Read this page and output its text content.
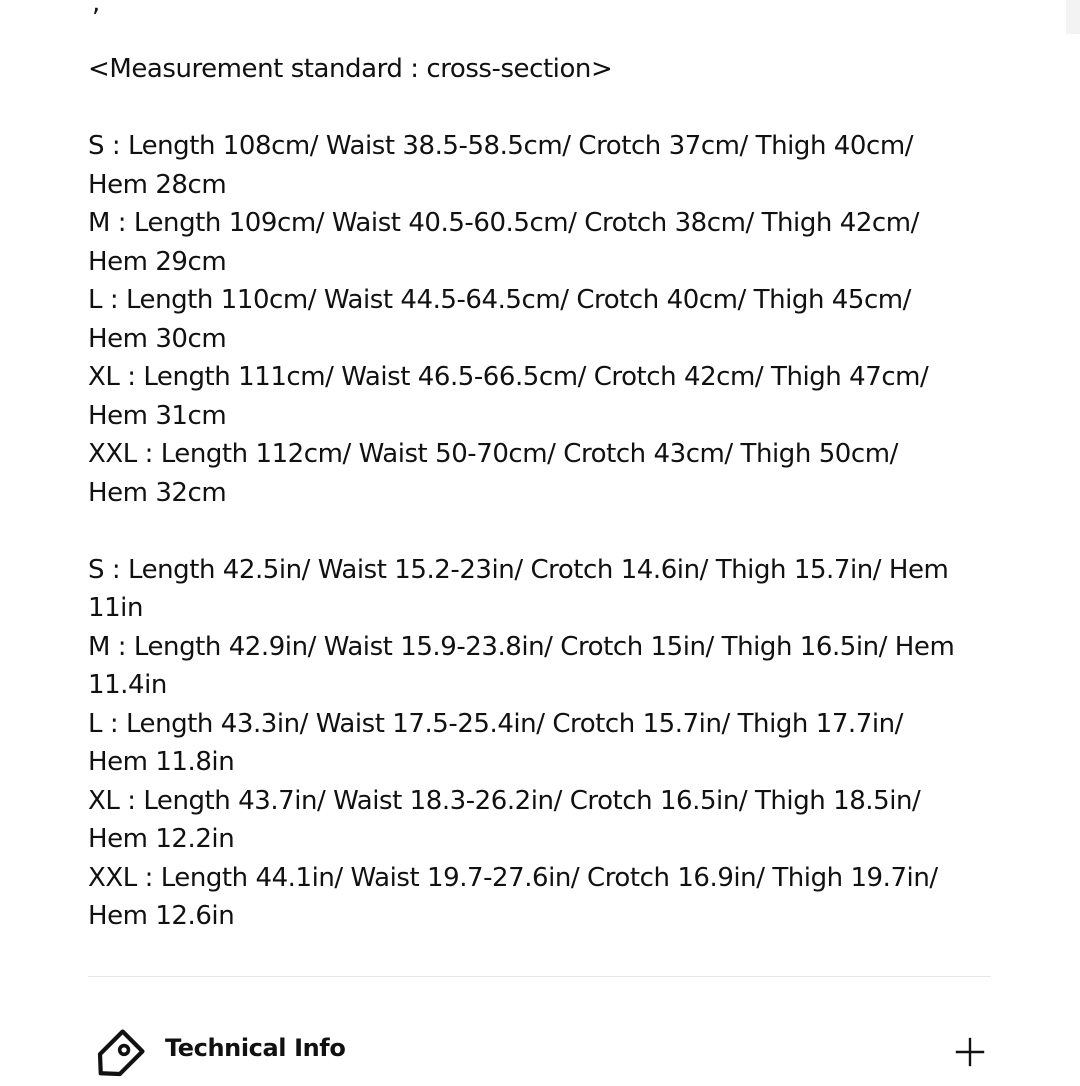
,
<Measurement standard : cross-section>
S : Length 108cm/ Waist 38.5-58.5cm/ Crotch 37cm/ Thigh 40cm/
Hem 28cm
M : Length 109cm/ Waist 40.5-60.5cm/ Crotch 38cm/ Thigh 42cm/
Hem 29cm
L : Length 110cm/ Waist 44.5-64.5cm/ Crotch 40cm/ Thigh 45cm/
Hem 30cm
XL : Length 111cm/ Waist 46.5-66.5cm/ Crotch 42cm/ Thigh 47cm/
Hem 31cm
XXL : Length 112cm/ Waist 50-70cm/ Crotch 43cm/ Thigh 50cm/
Hem 32cm
S : Length 42.5in/ Waist 15.2-23in/ Crotch 14.6in/ Thigh 15.7in/ Hem
11in
M : Length 42.9in/ Waist 15.9-23.8in/ Crotch 15in/ Thigh 16.5in/ Hem
11.4in
L : Length 43.3in/ Waist 17.5-25.4in/ Crotch 15.7in/ Thigh 17.7in/
Hem 11.8in
XL : Length 43.7in/ Waist 18.3-26.2in/ Crotch 16.5in/ Thigh 18.5in/
Hem 12.2in
XXL : Length 44.1in/ Waist 19.7-27.6in/ Crotch 16.9in/ Thigh 19.7in/
Hem 12.6in
Technical Info
